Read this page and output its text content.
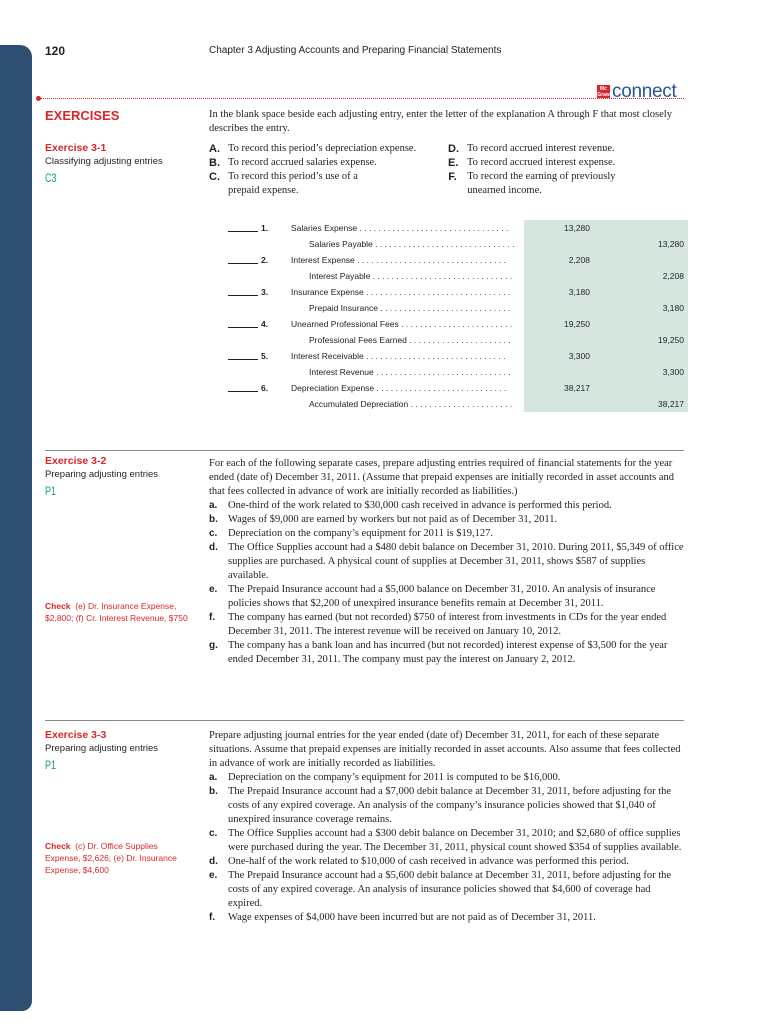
120	Chapter 3 Adjusting Accounts and Preparing Financial Statements
Mc Graw Hill connect
EXERCISES
Exercise 3-1
Classifying adjusting entries
C3
In the blank space beside each adjusting entry, enter the letter of the explanation A through F that most closely describes the entry.
A. To record this period’s depreciation expense.	D. To record accrued interest revenue.
B. To record accrued salaries expense.	E. To record accrued interest expense.
C. To record this period’s use of a prepaid expense.
F. To record the earning of previously unearned income.
1.	Salaries Expense . . . . . . . . . . . . . . . . . . . . . . . . . . . . . . . .	13,280
Salaries Payable . . . . . . . . . . . . . . . . . . . . . . . . . . . . . .	13,280
2.	Interest Expense . . . . . . . . . . . . . . . . . . . . . . . . . . . . . . . .	2,208
Interest Payable . . . . . . . . . . . . . . . . . . . . . . . . . . . . . .	2,208
3.	Insurance Expense . . . . . . . . . . . . . . . . . . . . . . . . . . . . . . .	3,180
Prepaid Insurance . . . . . . . . . . . . . . . . . . . . . . . . . . . .	3,180
4.	Unearned Professional Fees . . . . . . . . . . . . . . . . . . . . . . . .	19,250
Professional Fees Earned . . . . . . . . . . . . . . . . . . . . . .	19,250
5.	Interest Receivable . . . . . . . . . . . . . . . . . . . . . . . . . . . . . .	3,300
Interest Revenue . . . . . . . . . . . . . . . . . . . . . . . . . . . . .	3,300
6.	Depreciation Expense . . . . . . . . . . . . . . . . . . . . . . . . . . . .	38,217
Accumulated Depreciation . . . . . . . . . . . . . . . . . . . . . .	38,217
Exercise 3-2
Preparing adjusting entries
P1
Check (e) Dr. Insurance Expense, $2,800; (f) Cr. Interest Revenue, $750
For each of the following separate cases, prepare adjusting entries required of financial statements for the year ended (date of) December 31, 2011. (Assume that prepaid expenses are initially recorded in asset accounts and that fees collected in advance of work are initially recorded as liabilities.)
a.	One-third of the work related to $30,000 cash received in advance is performed this period.
b. Wages of $9,000 are earned by workers but not paid as of December 31, 2011.
c.	Depreciation on the company’s equipment for 2011 is $19,127.
d. The Office Supplies account had a $480 debit balance on December 31, 2010. During 2011, $5,349 of office supplies are purchased. A physical count of supplies at December 31, 2011, shows $587 of supplies available.
e.	The Prepaid Insurance account had a $5,000 balance on December 31, 2010. An analysis of insurance policies shows that $2,200 of unexpired insurance benefits remain at December 31, 2011.
f.	The company has earned (but not recorded) $750 of interest from investments in CDs for the year ended December 31, 2011. The interest revenue will be received on January 10, 2012.
g. The company has a bank loan and has incurred (but not recorded) interest expense of $3,500 for the year ended December 31, 2011. The company must pay the interest on January 2, 2012.
Exercise 3-3
Preparing adjusting entries
P1
Check (c) Dr. Office Supplies Expense, $2,626; (e) Dr. Insurance Expense, $4,600
Prepare adjusting journal entries for the year ended (date of) December 31, 2011, for each of these separate situations. Assume that prepaid expenses are initially recorded in asset accounts. Also assume that fees collected in advance of work are initially recorded as liabilities.
a.	Depreciation on the company’s equipment for 2011 is computed to be $16,000.
b. The Prepaid Insurance account had a $7,000 debit balance at December 31, 2011, before adjusting for the costs of any expired coverage. An analysis of the company’s insurance policies showed that $1,040 of unexpired insurance coverage remains.
c.	The Office Supplies account had a $300 debit balance on December 31, 2010; and $2,680 of office supplies were purchased during the year. The December 31, 2011, physical count showed $354 of supplies available.
d. One-half of the work related to $10,000 of cash received in advance was performed this period.
e.	The Prepaid Insurance account had a $5,600 debit balance at December 31, 2011, before adjusting for the costs of any expired coverage. An analysis of insurance policies showed that $4,600 of coverage had expired.
f.	Wage expenses of $4,000 have been incurred but are not paid as of December 31, 2011.
